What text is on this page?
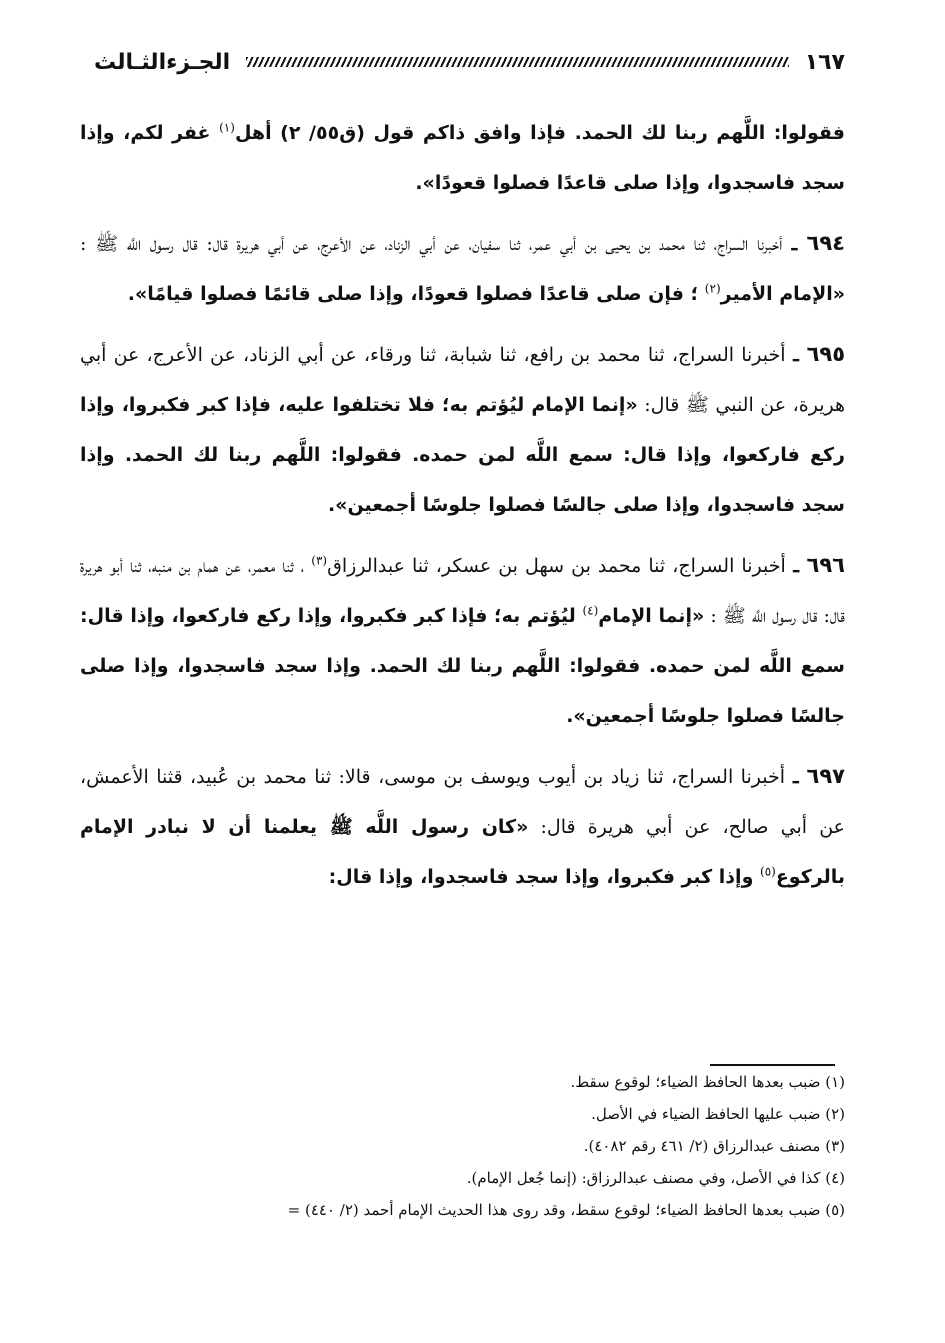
الجـزءالثـالث	١٦٧

فقولوا: اللَّهم ربنا لك الحمد. فإذا وافق ذاكم قول (ق٥٥/ ٢) أهل$^{(١)}$ غفر لكم، وإذا سجد فاسجدوا، وإذا صلى قاعدًا فصلوا قعودًا».

٦٩٤ ـ أخبرنا السراج، ثنا محمد بن يحيى بن أبي عمر، ثنا سفيان، عن أبي الزناد، عن الأعرج، عن أبي هريرة قال: قال رسول اللَّه ﷺ : «الإمام الأمير$^{(٢)}$ ؛ فإن صلى قاعدًا فصلوا قعودًا، وإذا صلى قائمًا فصلوا قيامًا».

٦٩٥ ـ أخبرنا السراج، ثنا محمد بن رافع، ثنا شبابة، ثنا ورقاء، عن أبي الزناد، عن الأعرج، عن أبي هريرة، عن النبي ﷺ قال: «إنما الإمام ليُؤتم به؛ فلا تختلفوا عليه، فإذا كبر فكبروا، وإذا ركع فاركعوا، وإذا قال: سمع اللَّه لمن حمده. فقولوا: اللَّهم ربنا لك الحمد. وإذا سجد فاسجدوا، وإذا صلى جالسًا فصلوا جلوسًا أجمعين».

٦٩٦ ـ أخبرنا السراج، ثنا محمد بن سهل بن عسكر، ثنا عبدالرزاق$^{(٣)}$ ، ثنا معمر، عن همام بن منبه، ثنا أبو هريرة قال: قال رسول اللَّه ﷺ : «إنما الإمام$^{(٤)}$ ليُؤتم به؛ فإذا كبر فكبروا، وإذا ركع فاركعوا، وإذا قال: سمع اللَّه لمن حمده. فقولوا: اللَّهم ربنا لك الحمد. وإذا سجد فاسجدوا، وإذا صلى جالسًا فصلوا جلوسًا أجمعين».

٦٩٧ ـ أخبرنا السراج، ثنا زياد بن أيوب ويوسف بن موسى، قالا: ثنا محمد بن عُبيد، قثنا الأعمش، عن أبي صالح، عن أبي هريرة قال: «كان رسول اللَّه ﷺ يعلمنا أن لا نبادر الإمام بالركوع$^{(٥)}$ وإذا كبر فكبروا، وإذا سجد فاسجدوا، وإذا قال:

(١) ضبب بعدها الحافظ الضياء؛ لوقوع سقط.
(٢) ضبب عليها الحافظ الضياء في الأصل.
(٣) مصنف عبدالرزاق (٢/ ٤٦١ رقم ٤٠٨٢).
(٤) كذا في الأصل، وفي مصنف عبدالرزاق: (إنما جُعل الإمام).
(٥) ضبب بعدها الحافظ الضياء؛ لوقوع سقط، وقد روى هذا الحديث الإمام أحمد (٢/ ٤٤٠) =
